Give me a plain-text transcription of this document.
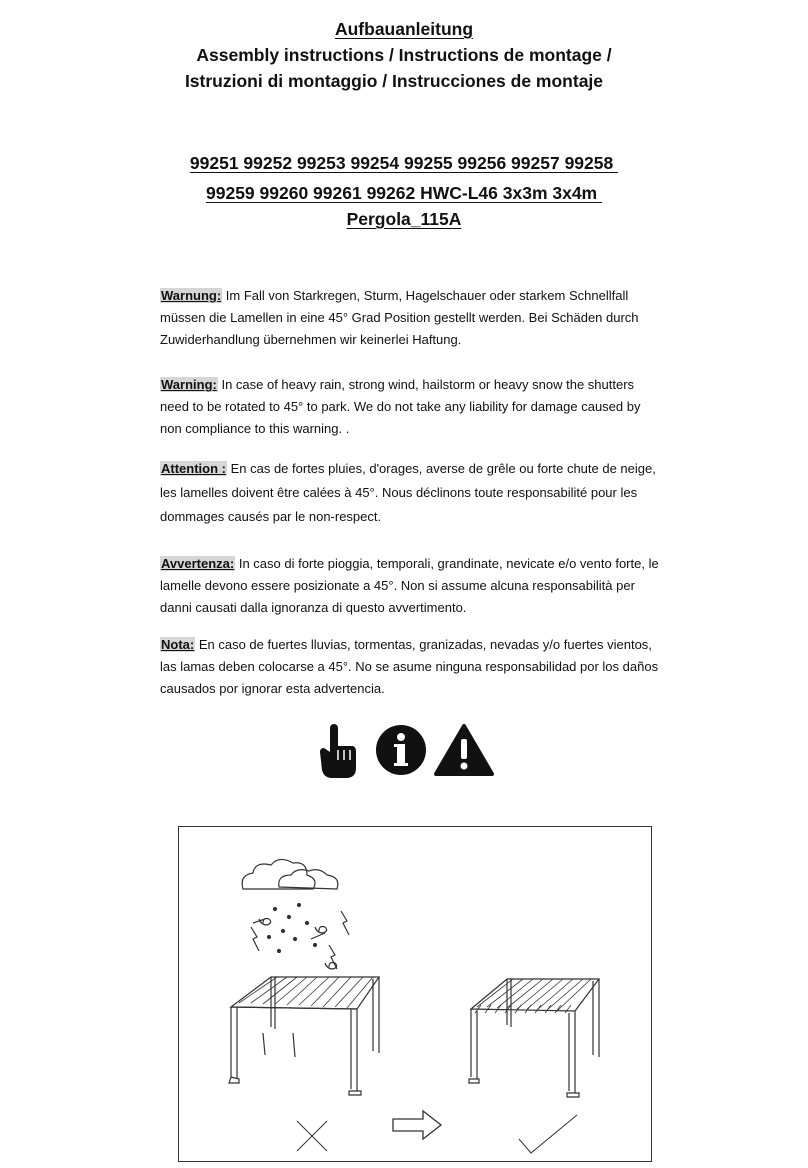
Aufbauanleitung

Assembly instructions / Instructions de montage /

Istruzioni di montaggio / Instrucciones de montaje

99251 99252 99253 99254 99255 99256 99257 99258

99259 99260 99261 99262 HWC-L46 3x3m 3x4m

Pergola_115A

Warnung: Im Fall von Starkregen, Sturm, Hagelschauer oder starkem Schnellfall müssen die Lamellen in eine 45° Grad Position gestellt werden. Bei Schäden durch Zuwiderhandlung übernehmen wir keinerlei Haftung.
Warning: In case of heavy rain, strong wind, hailstorm or heavy snow the shutters need to be rotated to 45° to park. We do not take any liability for damage caused by non compliance to this warning. .
Attention : En cas de fortes pluies, d'orages, averse de grêle ou forte chute de neige, les lamelles doivent être calées à 45°. Nous déclinons toute responsabilité pour les dommages causés par le non-respect.
Avvertenza: In caso di forte pioggia, temporali, grandinate, nevicate e/o vento forte, le lamelle devono essere posizionate a 45°. Non si assume alcuna responsabilità per danni causati dalla ignoranza di questo avvertimento.
Nota: En caso de fuertes lluvias, tormentas, granizadas, nevadas y/o fuertes vientos, las lamas deben colocarse a 45°. No se asume ninguna responsabilidad por los daños causados por ignorar esta advertencia.
